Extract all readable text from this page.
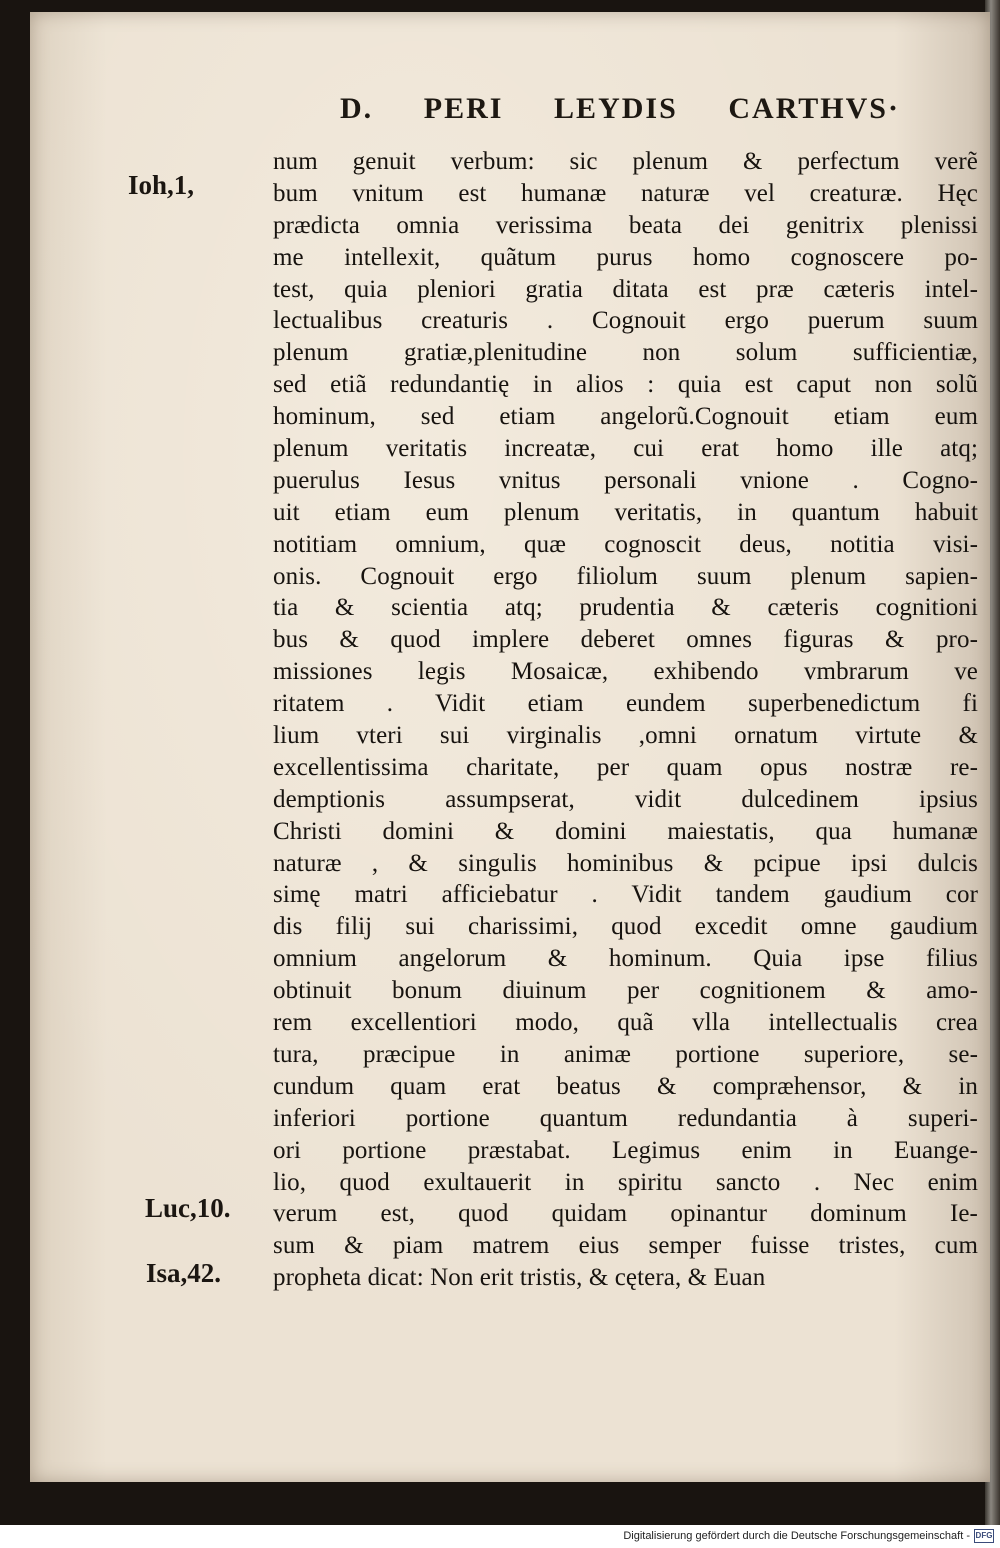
D. PERI LEYDIS CARTHVS·
Ioh,1,
Luc,10.
Isa,42.
num genuit verbum: sic plenum & perfectum verẽ
bum vnitum est humanæ naturæ vel creaturæ. Hęc
prædicta omnia verissima beata dei genitrix plenissi
me intellexit, quãtum purus homo cognoscere po-
test, quia pleniori gratia ditata est præ cæteris intel-
lectualibus creaturis . Cognouit ergo puerum suum
plenum gratiæ,plenitudine non solum sufficientiæ,
sed etiã redundantię in alios : quia est caput non solũ
hominum, sed etiam angelorũ.Cognouit etiam eum
plenum veritatis increatæ, cui erat homo ille atq;
puerulus Iesus vnitus personali vnione . Cogno-
uit etiam eum plenum veritatis, in quantum habuit
notitiam omnium, quæ cognoscit deus, notitia visi-
onis. Cognouit ergo filiolum suum plenum sapien-
tia & scientia atq; prudentia & cæteris cognitioni
bus & quod implere deberet omnes figuras & pro-
missiones legis Mosaicæ, exhibendo vmbrarum ve
ritatem . Vidit etiam eundem superbenedictum fi
lium vteri sui virginalis ,omni ornatum virtute &
excellentissima charitate, per quam opus nostræ re-
demptionis assumpserat, vidit dulcedinem ipsius
Christi domini & domini maiestatis, qua humanæ
naturæ , & singulis hominibus & pcipue ipsi dulcis
simę matri afficiebatur . Vidit tandem gaudium cor
dis filij sui charissimi, quod excedit omne gaudium
omnium angelorum & hominum. Quia ipse filius
obtinuit bonum diuinum per cognitionem & amo-
rem excellentiori modo, quã vlla intellectualis crea
tura, præcipue in animæ portione superiore, se-
cundum quam erat beatus & compræhensor, & in
inferiori portione quantum redundantia à superi-
ori portione præstabat. Legimus enim in Euange-
lio, quod exultauerit in spiritu sancto . Nec enim
verum est, quod quidam opinantur dominum Ie-
sum & piam matrem eius semper fuisse tristes, cum
propheta dicat: Non erit tristis, & cętera, & Euan
Digitalisierung gefördert durch die Deutsche Forschungsgemeinschaft - DFG
